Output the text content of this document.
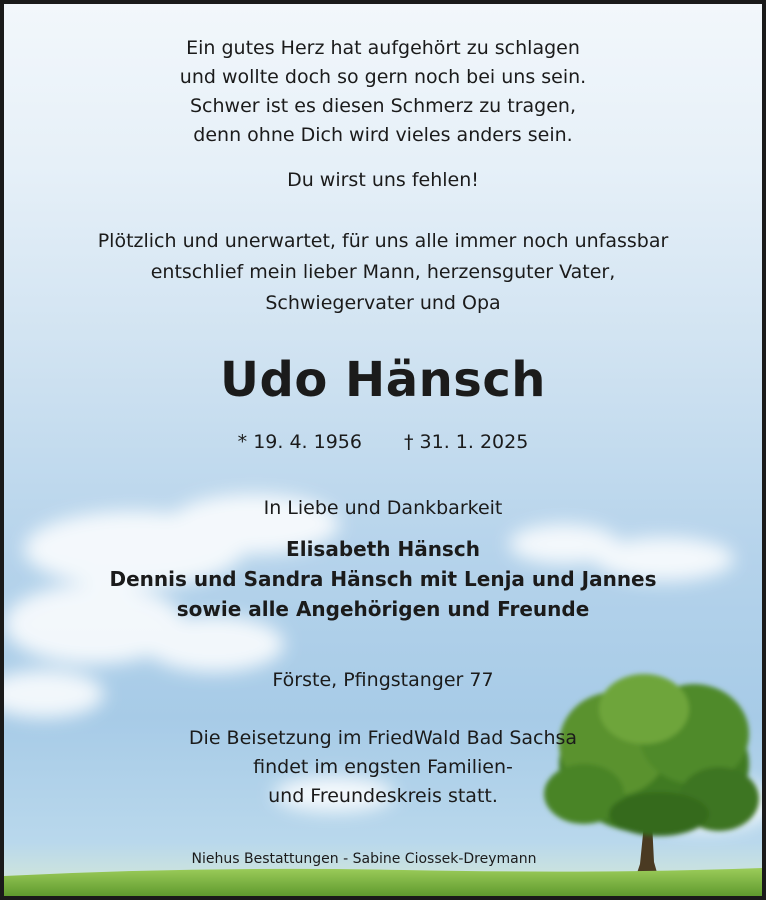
Ein gutes Herz hat aufgehört zu schlagen
und wollte doch so gern noch bei uns sein.
Schwer ist es diesen Schmerz zu tragen,
denn ohne Dich wird vieles anders sein.
Du wirst uns fehlen!
Plötzlich und unerwartet, für uns alle immer noch unfassbar
entschlief mein lieber Mann, herzensguter Vater,
Schwiegervater und Opa
Udo Hänsch
* 19. 4. 1956 † 31. 1. 2025
In Liebe und Dankbarkeit
Elisabeth Hänsch
Dennis und Sandra Hänsch mit Lenja und Jannes
sowie alle Angehörigen und Freunde
Förste, Pfingstanger 77
Die Beisetzung im FriedWald Bad Sachsa
findet im engsten Familien-
und Freundeskreis statt.
Niehus Bestattungen - Sabine Ciossek-Dreymann
